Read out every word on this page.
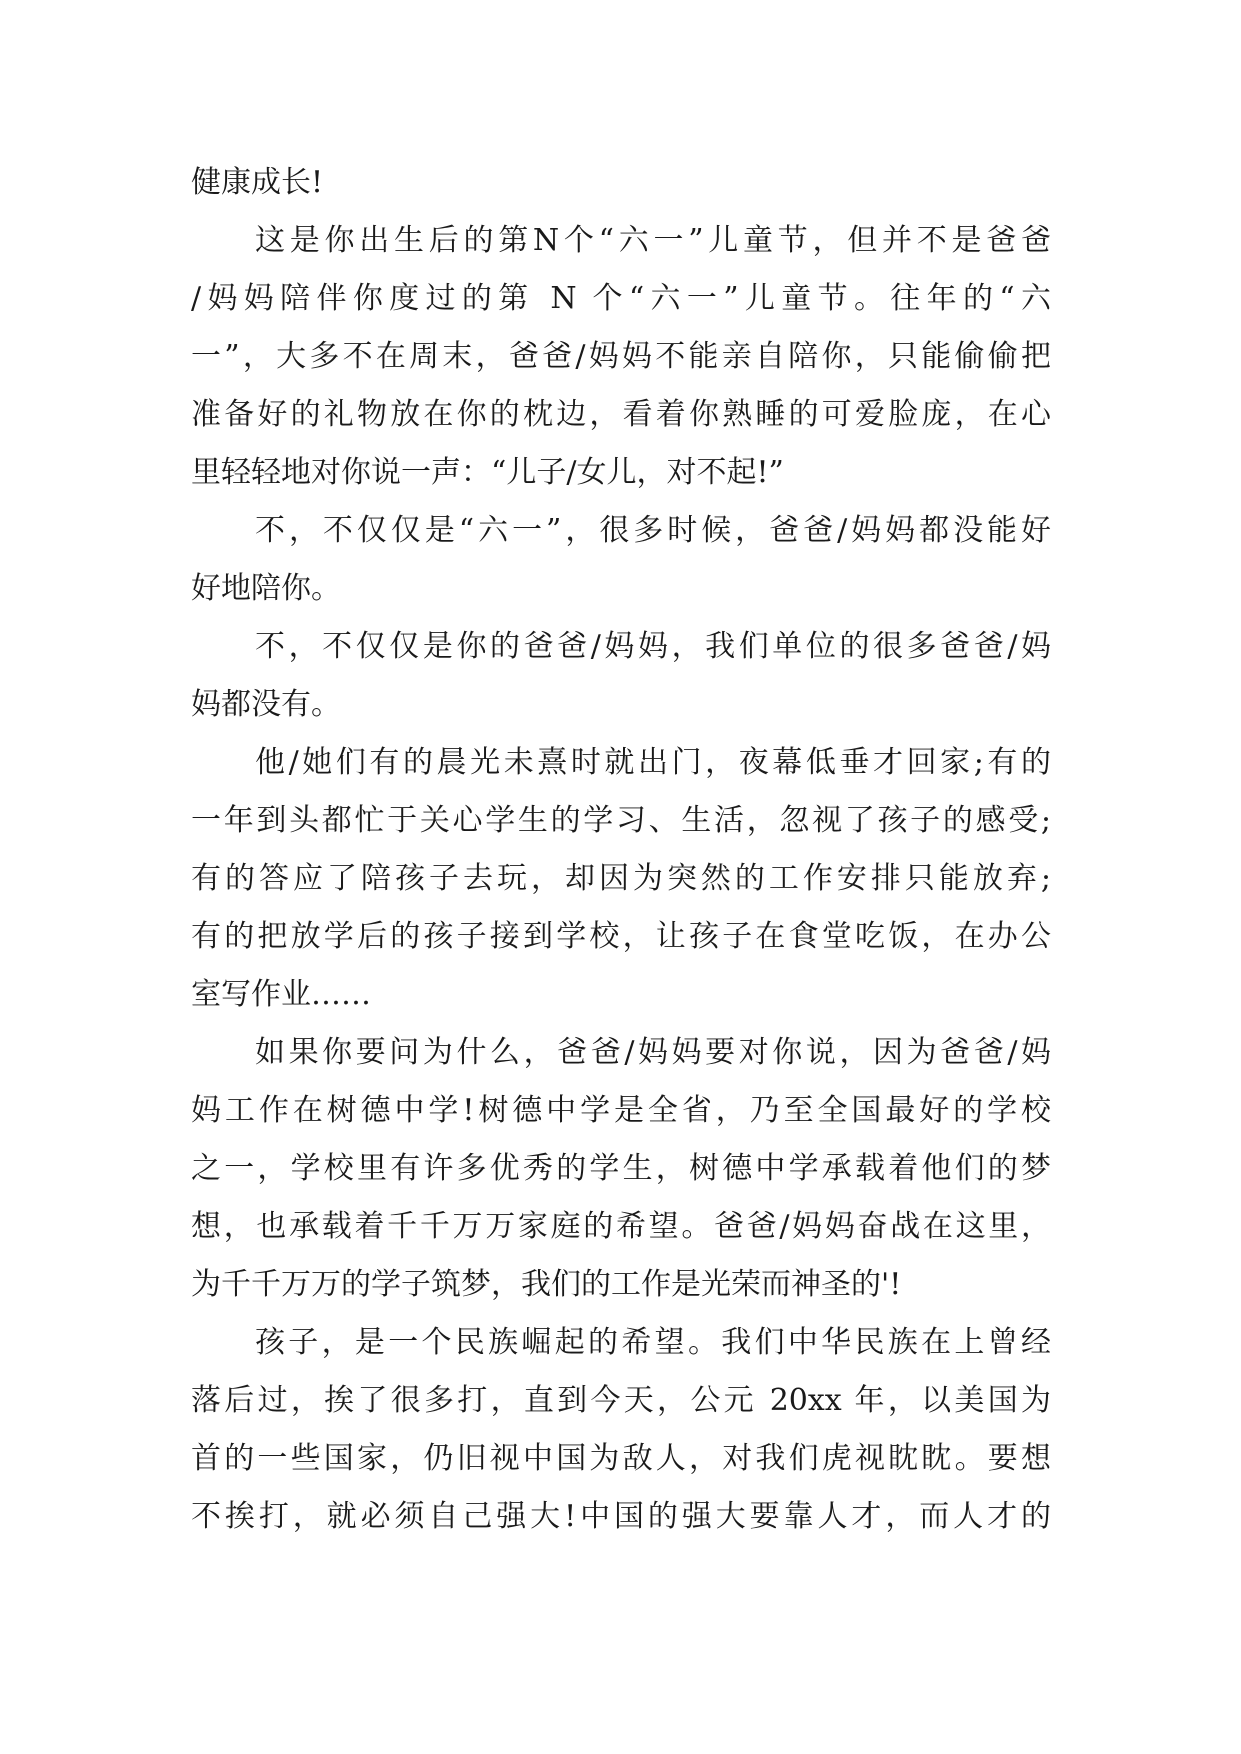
健康成长!
这是你出生后的第N个“六一”儿童节，但并不是爸爸
/妈妈陪伴你度过的第 N 个“六一”儿童节。往年的“六
一”，大多不在周末，爸爸/妈妈不能亲自陪你，只能偷偷把
准备好的礼物放在你的枕边，看着你熟睡的可爱脸庞，在心
里轻轻地对你说一声：“儿子/女儿，对不起!”
不，不仅仅是“六一”，很多时候，爸爸/妈妈都没能好
好地陪你。
不，不仅仅是你的爸爸/妈妈，我们单位的很多爸爸/妈
妈都没有。
他/她们有的晨光未熹时就出门，夜幕低垂才回家;有的
一年到头都忙于关心学生的学习、生活，忽视了孩子的感受;
有的答应了陪孩子去玩，却因为突然的工作安排只能放弃;
有的把放学后的孩子接到学校，让孩子在食堂吃饭，在办公
室写作业……
如果你要问为什么，爸爸/妈妈要对你说，因为爸爸/妈
妈工作在树德中学!树德中学是全省，乃至全国最好的学校
之一，学校里有许多优秀的学生，树德中学承载着他们的梦
想，也承载着千千万万家庭的希望。爸爸/妈妈奋战在这里，
为千千万万的学子筑梦，我们的工作是光荣而神圣的'!
孩子，是一个民族崛起的希望。我们中华民族在上曾经
落后过，挨了很多打，直到今天，公元 20xx 年，以美国为
首的一些国家，仍旧视中国为敌人，对我们虎视眈眈。要想
不挨打，就必须自己强大!中国的强大要靠人才，而人才的
